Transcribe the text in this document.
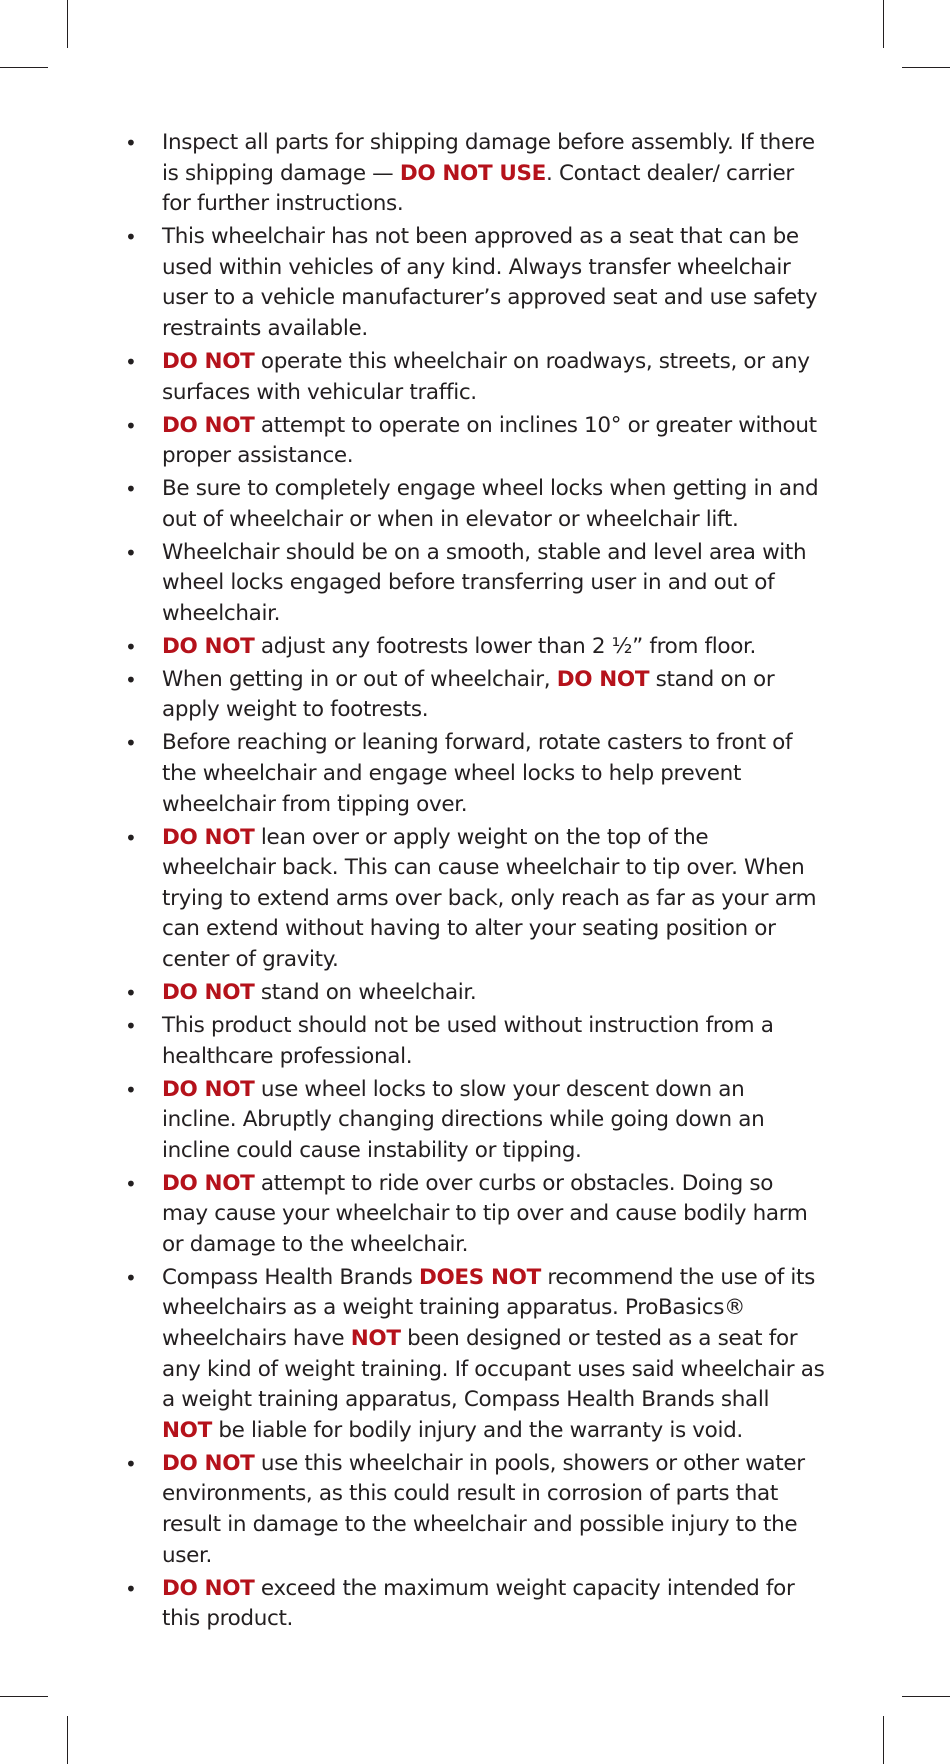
• Inspect all parts for shipping damage before assembly. If there is shipping damage — DO NOT USE. Contact dealer/ carrier for further instructions.
• This wheelchair has not been approved as a seat that can be used within vehicles of any kind. Always transfer wheelchair user to a vehicle manufacturer’s approved seat and use safety restraints available.
• DO NOT operate this wheelchair on roadways, streets, or any surfaces with vehicular traffic.
• DO NOT attempt to operate on inclines 10° or greater without proper assistance.
• Be sure to completely engage wheel locks when getting in and out of wheelchair or when in elevator or wheelchair lift.
• Wheelchair should be on a smooth, stable and level area with wheel locks engaged before transferring user in and out of wheelchair.
• DO NOT adjust any footrests lower than 2 ½” from floor.
• When getting in or out of wheelchair, DO NOT stand on or apply weight to footrests.
• Before reaching or leaning forward, rotate casters to front of the wheelchair and engage wheel locks to help prevent wheelchair from tipping over.
• DO NOT lean over or apply weight on the top of the wheelchair back. This can cause wheelchair to tip over. When trying to extend arms over back, only reach as far as your arm can extend without having to alter your seating position or center of gravity.
• DO NOT stand on wheelchair.
• This product should not be used without instruction from a healthcare professional.
• DO NOT use wheel locks to slow your descent down an incline. Abruptly changing directions while going down an incline could cause instability or tipping.
• DO NOT attempt to ride over curbs or obstacles. Doing so may cause your wheelchair to tip over and cause bodily harm or damage to the wheelchair.
• Compass Health Brands DOES NOT recommend the use of its wheelchairs as a weight training apparatus. ProBasics® wheelchairs have NOT been designed or tested as a seat for any kind of weight training. If occupant uses said wheelchair as a weight training apparatus, Compass Health Brands shall NOT be liable for bodily injury and the warranty is void.
• DO NOT use this wheelchair in pools, showers or other water environments, as this could result in corrosion of parts that result in damage to the wheelchair and possible injury to the user.
• DO NOT exceed the maximum weight capacity intended for this product.
